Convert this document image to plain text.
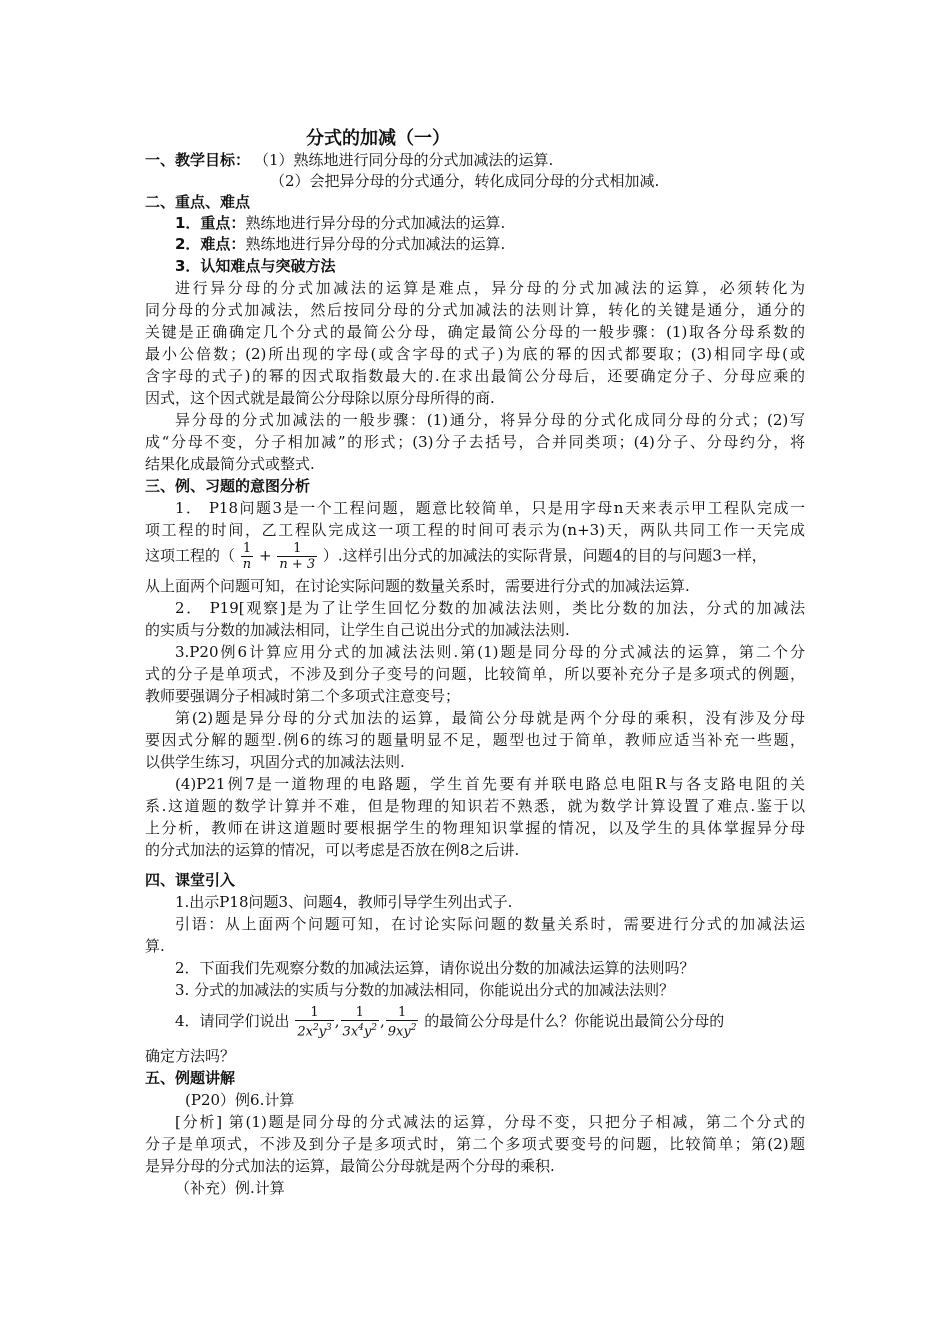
分式的加减（一）
一、教学目标： （1）熟练地进行同分母的分式加减法的运算.
（2）会把异分母的分式通分，转化成同分母的分式相加减.
二、重点、难点
1．重点：熟练地进行异分母的分式加减法的运算.
2．难点：熟练地进行异分母的分式加减法的运算.
3．认知难点与突破方法
进行异分母的分式加减法的运算是难点，异分母的分式加减法的运算，必须转化为
同分母的分式加减法，然后按同分母的分式加减法的法则计算，转化的关键是通分，通分的
关键是正确确定几个分式的最简公分母，确定最简公分母的一般步骤：(1)取各分母系数的
最小公倍数；(2)所出现的字母(或含字母的式子)为底的幂的因式都要取；(3)相同字母(或
含字母的式子)的幂的因式取指数最大的.在求出最简公分母后，还要确定分子、分母应乘的
因式，这个因式就是最简公分母除以原分母所得的商.
异分母的分式加减法的一般步骤：(1)通分，将异分母的分式化成同分母的分式；(2)写
成“分母不变，分子相加减”的形式；(3)分子去括号，合并同类项；(4)分子、分母约分，将
结果化成最简分式或整式.
三、例、习题的意图分析
1． P18问题3是一个工程问题，题意比较简单，只是用字母n天来表示甲工程队完成一
项工程的时间，乙工程队完成这一项工程的时间可表示为(n+3)天，两队共同工作一天完成
这项工程的（ $\frac{1}{n} + \frac{1}{n + 3}$ ）.这样引出分式的加减法的实际背景，问题4的目的与问题3一样，
从上面两个问题可知，在讨论实际问题的数量关系时，需要进行分式的加减法运算.
2． P19[观察]是为了让学生回忆分数的加减法法则，类比分数的加法，分式的加减法
的实质与分数的加减法相同，让学生自己说出分式的加减法法则.
3.P20例6计算应用分式的加减法法则.第(1)题是同分母的分式减法的运算，第二个分
式的分子是单项式，不涉及到分子变号的问题，比较简单，所以要补充分子是多项式的例题，
教师要强调分子相减时第二个多项式注意变号；
第(2)题是异分母的分式加法的运算，最简公分母就是两个分母的乘积，没有涉及分母
要因式分解的题型.例6的练习的题量明显不足，题型也过于简单，教师应适当补充一些题，
以供学生练习，巩固分式的加减法法则.
(4)P21例7是一道物理的电路题，学生首先要有并联电路总电阻R与各支路电阻的关
系.这道题的数学计算并不难，但是物理的知识若不熟悉，就为数学计算设置了难点.鉴于以
上分析，教师在讲这道题时要根据学生的物理知识掌握的情况，以及学生的具体掌握异分母
的分式加法的运算的情况，可以考虑是否放在例8之后讲.
四、课堂引入
1.出示P18问题3、问题4，教师引导学生列出式子.
引语：从上面两个问题可知，在讨论实际问题的数量关系时，需要进行分式的加减法运
算.
2．下面我们先观察分数的加减法运算，请你说出分数的加减法运算的法则吗？
3. 分式的加减法的实质与分数的加减法相同，你能说出分式的加减法法则？
4．请同学们说出 $\frac{1}{2x^2y^3}$ , $\frac{1}{3x^4y^2}$ , $\frac{1}{9xy^2}$ 的最简公分母是什么？你能说出最简公分母的
确定方法吗？
五、例题讲解
(P20）例6.计算
[分析] 第(1)题是同分母的分式减法的运算，分母不变，只把分子相减，第二个分式的
分子是单项式，不涉及到分子是多项式时，第二个多项式要变号的问题，比较简单；第(2)题
是异分母的分式加法的运算，最简公分母就是两个分母的乘积.
（补充）例.计算
